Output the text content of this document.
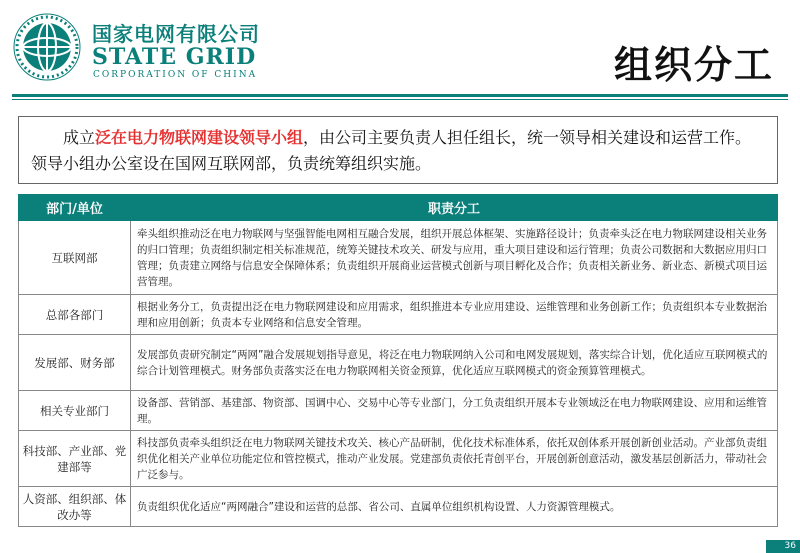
国家电网有限公司
STATE GRID
CORPORATION OF CHINA	组织分工
成立泛在电力物联网建设领导小组，由公司主要负责人担任组长，统一领导相关建设和运营工作。领导小组办公室设在国网互联网部，负责统筹组织实施。
部门/单位	职责分工
互联网部	牵头组织推动泛在电力物联网与坚强智能电网相互融合发展，组织开展总体框架、实施路径设计；负责牵头泛在电力物联网建设相关业务的归口管理；负责组织制定相关标准规范，统筹关键技术攻关、研发与应用，重大项目建设和运行管理；负责公司数据和大数据应用归口管理；负责建立网络与信息安全保障体系；负责组织开展商业运营模式创新与项目孵化及合作；负责相关新业务、新业态、新模式项目运营管理。
总部各部门	根据业务分工，负责提出泛在电力物联网建设和应用需求，组织推进本专业应用建设、运维管理和业务创新工作；负责组织本专业数据治理和应用创新；负责本专业网络和信息安全管理。
发展部、财务部	发展部负责研究制定“两网”融合发展规划指导意见，将泛在电力物联网纳入公司和电网发展规划，落实综合计划，优化适应互联网模式的综合计划管理模式。财务部负责落实泛在电力物联网相关资金预算，优化适应互联网模式的资金预算管理模式。
相关专业部门	设备部、营销部、基建部、物资部、国调中心、交易中心等专业部门，分工负责组织开展本专业领域泛在电力物联网建设、应用和运维管理。
科技部、产业部、党建部等	科技部负责牵头组织泛在电力物联网关键技术攻关、核心产品研制，优化技术标准体系，依托双创体系开展创新创业活动。产业部负责组织优化相关产业单位功能定位和管控模式，推动产业发展。党建部负责依托青创平台，开展创新创意活动，激发基层创新活力，带动社会广泛参与。
人资部、组织部、体改办等	负责组织优化适应“两网融合”建设和运营的总部、省公司、直属单位组织机构设置、人力资源管理模式。
36
